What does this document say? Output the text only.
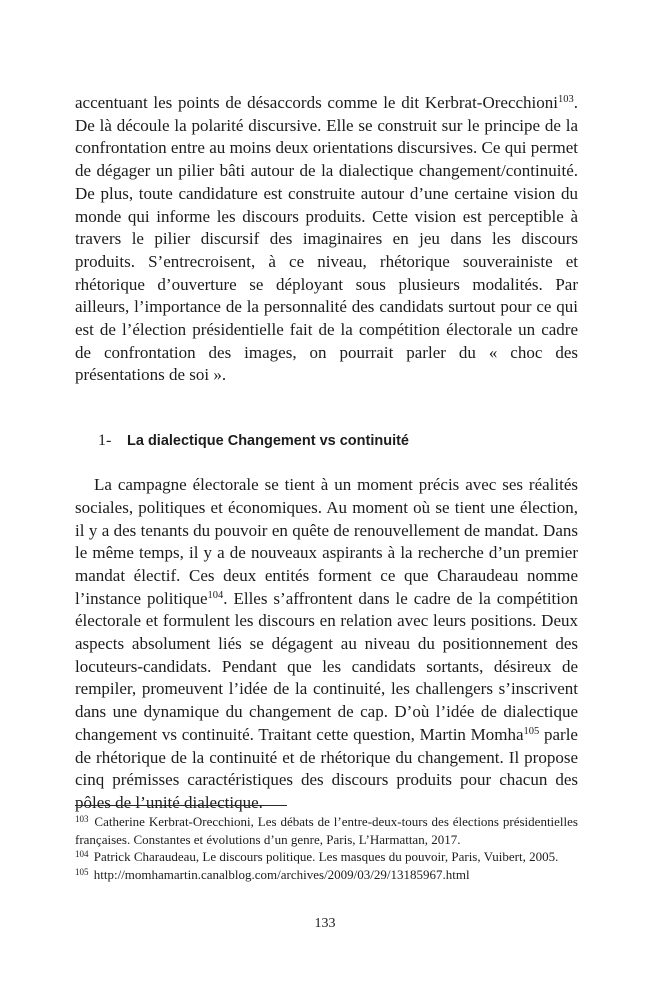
accentuant les points de désaccords comme le dit Kerbrat-Orecchioni$^{103}$. De là découle la polarité discursive. Elle se construit sur le principe de la confrontation entre au moins deux orientations discursives. Ce qui permet de dégager un pilier bâti autour de la dialectique changement/continuité. De plus, toute candidature est construite autour d’une certaine vision du monde qui informe les discours produits. Cette vision est perceptible à travers le pilier discursif des imaginaires en jeu dans les discours produits. S’entrecroisent, à ce niveau, rhétorique souverainiste et rhétorique d’ouverture se déployant sous plusieurs modalités. Par ailleurs, l’importance de la personnalité des candidats surtout pour ce qui est de l’élection présidentielle fait de la compétition électorale un cadre de confrontation des images, on pourrait parler du « choc des présentations de soi ».

1-	La dialectique Changement vs continuité

La campagne électorale se tient à un moment précis avec ses réalités sociales, politiques et économiques. Au moment où se tient une élection, il y a des tenants du pouvoir en quête de renouvellement de mandat. Dans le même temps, il y a de nouveaux aspirants à la recherche d’un premier mandat électif. Ces deux entités forment ce que Charaudeau nomme l’instance politique$^{104}$. Elles s’affrontent dans le cadre de la compétition électorale et formulent les discours en relation avec leurs positions. Deux aspects absolument liés se dégagent au niveau du positionnement des locuteurs-candidats. Pendant que les candidats sortants, désireux de rempiler, promeuvent l’idée de la continuité, les challengers s’inscrivent dans une dynamique du changement de cap. D’où l’idée de dialectique changement vs continuité. Traitant cette question, Martin Momha$^{105}$ parle de rhétorique de la continuité et de rhétorique du changement. Il propose cinq prémisses caractéristiques des discours produits pour chacun des pôles de l’unité dialectique.

$^{103}$ Catherine Kerbrat-Orecchioni, Les débats de l’entre-deux-tours des élections présidentielles françaises. Constantes et évolutions d’un genre, Paris, L’Harmattan, 2017.

$^{104}$ Patrick Charaudeau, Le discours politique. Les masques du pouvoir, Paris, Vuibert, 2005.

$^{105}$ http://momhamartin.canalblog.com/archives/2009/03/29/13185967.html

133
